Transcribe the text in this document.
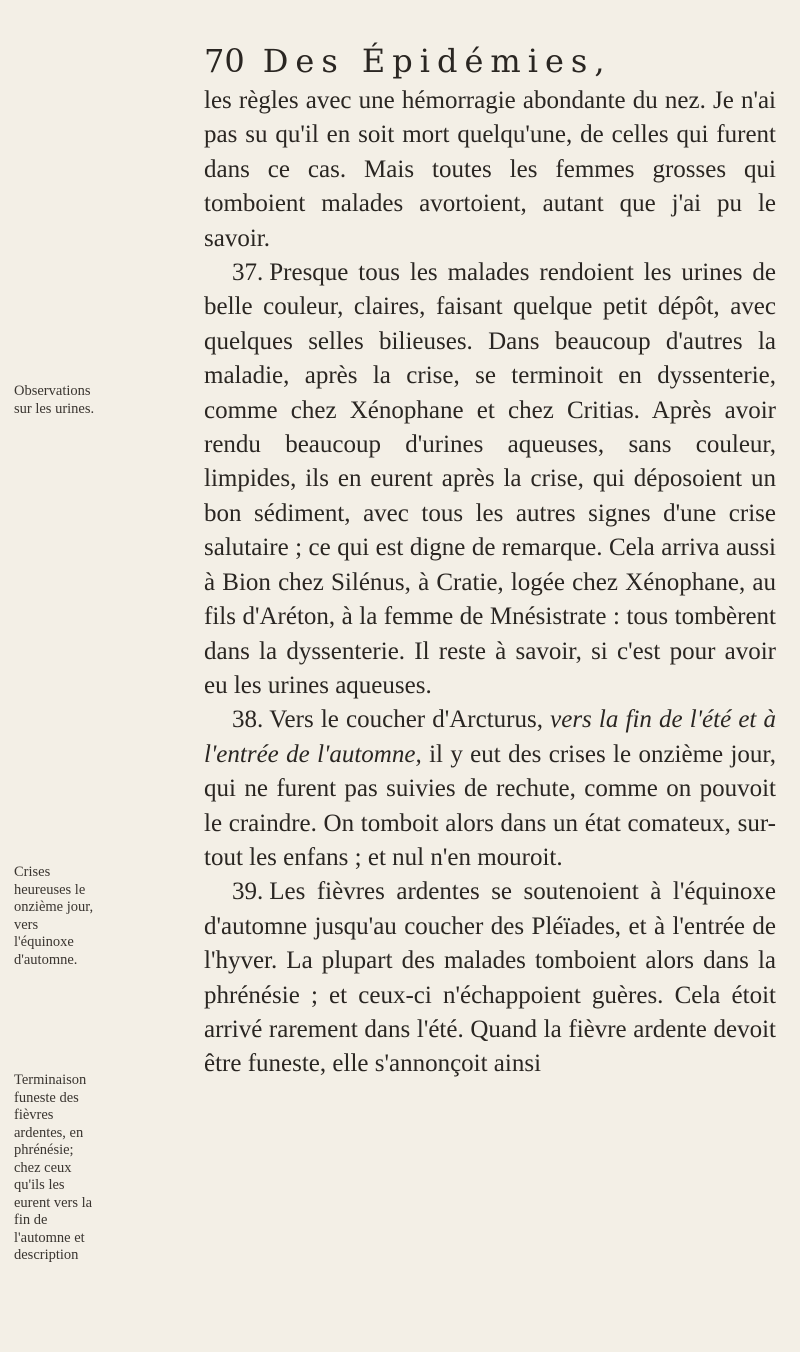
70 Des Épidémies,
Observations sur les urines.
Crises heureuses le onzième jour, vers l'équinoxe d'automne.
Terminaison funeste des fièvres ardentes, en phrénésie; chez ceux qu'ils les eurent vers la fin de l'automne et description

les règles avec une hémorragie abondante du nez. Je n'ai pas su qu'il en soit mort quelqu'une, de celles qui furent dans ce cas. Mais toutes les femmes grosses qui tomboient malades avortoient, autant que j'ai pu le savoir.

37. Presque tous les malades rendoient les urines de belle couleur, claires, faisant quelque petit dépôt, avec quelques selles bilieuses. Dans beaucoup d'autres la maladie, après la crise, se terminoit en dyssenterie, comme chez Xénophane et chez Critias. Après avoir rendu beaucoup d'urines aqueuses, sans couleur, limpides, ils en eurent après la crise, qui déposoient un bon sédiment, avec tous les autres signes d'une crise salutaire ; ce qui est digne de remarque. Cela arriva aussi à Bion chez Silénus, à Cratie, logée chez Xénophane, au fils d'Aréton, à la femme de Mnésistrate : tous tombèrent dans la dyssenterie. Il reste à savoir, si c'est pour avoir eu les urines aqueuses.

38. Vers le coucher d'Arcturus, vers la fin de l'été et à l'entrée de l'automne, il y eut des crises le onzième jour, qui ne furent pas suivies de rechute, comme on pouvoit le craindre. On tomboit alors dans un état comateux, sur-tout les enfans ; et nul n'en mouroit.

39. Les fièvres ardentes se soutenoient à l'équinoxe d'automne jusqu'au coucher des Pléïades, et à l'entrée de l'hyver. La plupart des malades tomboient alors dans la phrénésie ; et ceux-ci n'échappoient guères. Cela étoit arrivé rarement dans l'été. Quand la fièvre ardente devoit être funeste, elle s'annonçoit ainsi
